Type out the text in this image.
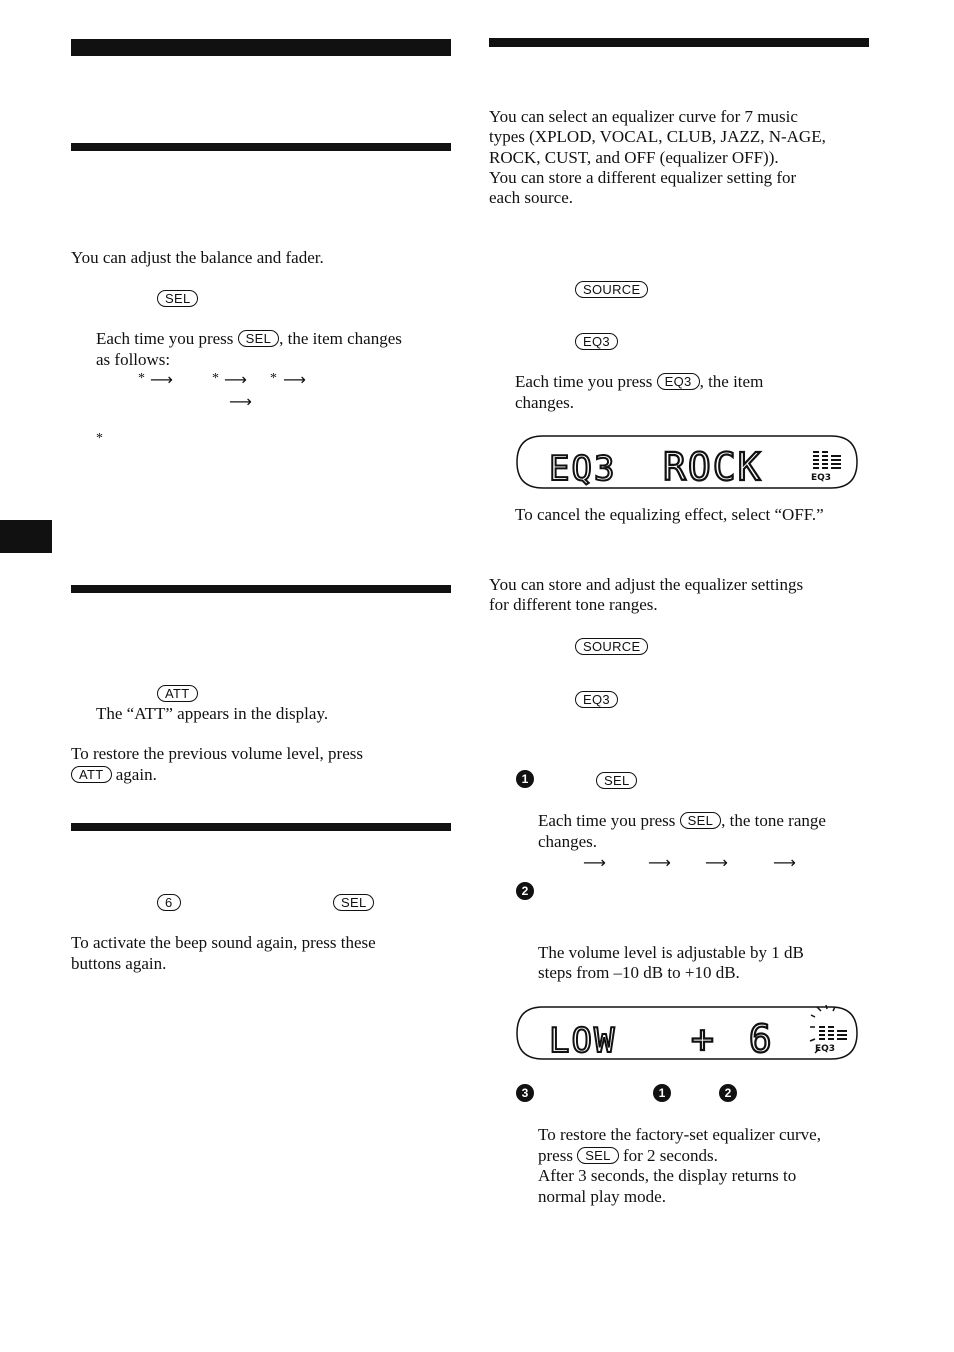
You can adjust the balance and fader.
SEL
Each time you press SEL , the item changes
as follows:
* ⟶	* ⟶ * ⟶
⟶
*
ATT
The “ATT” appears in the display.
To restore the previous volume level, press
ATT again.
6	SEL
To activate the beep sound again, press these
buttons again.
You can select an equalizer curve for 7 music
types (XPLOD, VOCAL, CLUB, JAZZ, N-AGE,
ROCK, CUST, and OFF (equalizer OFF)).
You can store a different equalizer setting for
each source.
SOURCE
EQ3
Each time you press EQ3 , the item
changes.
EQ3 ROCK	EQ3
To cancel the equalizing effect, select “OFF.”
You can store and adjust the equalizer settings
for different tone ranges.
SOURCE
EQ3
1	SEL
Each time you press SEL , the tone range
changes.
⟶	⟶ ⟶	⟶
2
The volume level is adjustable by 1 dB
steps from –10 dB to +10 dB.
LOW + 6	EQ3
3	1	2
To restore the factory-set equalizer curve,
press SEL for 2 seconds.
After 3 seconds, the display returns to
normal play mode.
